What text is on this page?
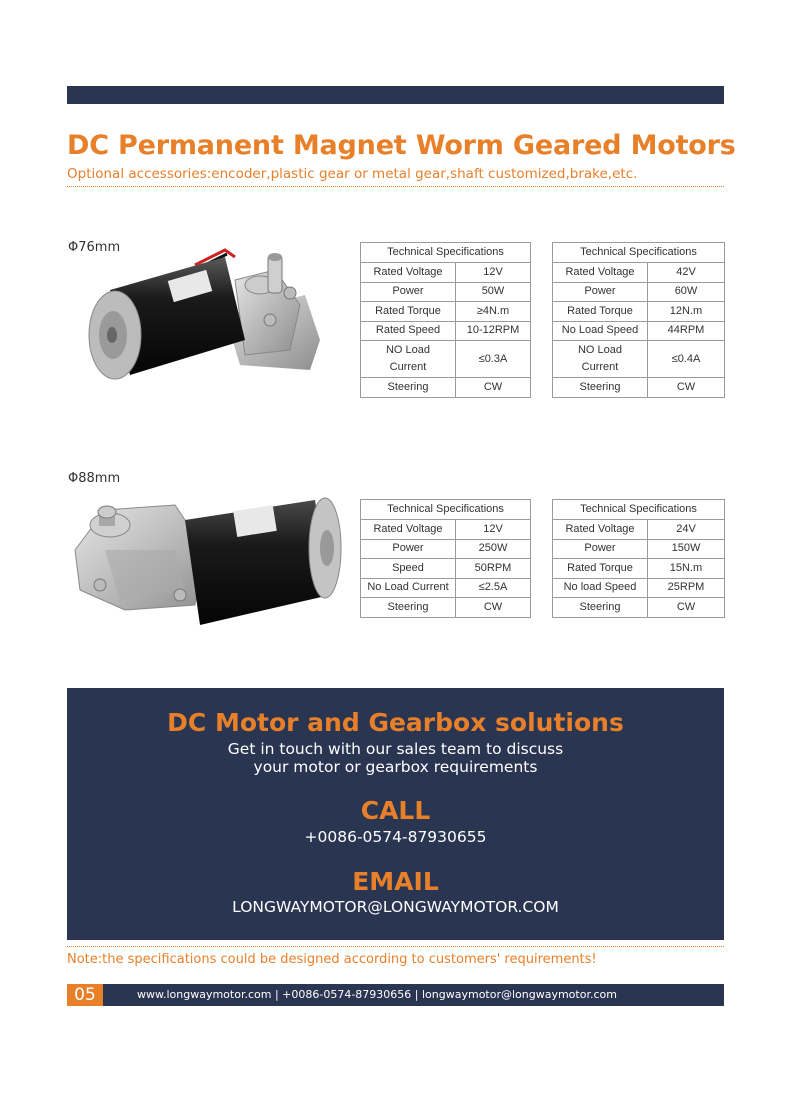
DC Permanent Magnet Worm Geared Motors
Optional accessories:encoder,plastic gear or metal gear,shaft customized,brake,etc.
Φ76mm	Technical Specifications	
Rated Voltage	12V
Power	50W
Rated Torque	≥4N.m
Rated Speed	10-12RPM
NO Load Current	≤0.3A
Steering	CW
Technical Specifications	
Rated Voltage	42V
Power	60W
Rated Torque	12N.m
No Load Speed	44RPM
NO Load Current	≤0.4A
Steering	CW
Φ88mm
Technical Specifications	
Rated Voltage	12V
Power	250W
Speed	50RPM
No Load Current	≤2.5A
Steering	CW
Technical Specifications	
Rated Voltage	24V
Power	150W
Rated Torque	15N.m
No load Speed	25RPM
Steering	CW
DC Motor and Gearbox solutions
Get in touch with our sales team to discuss
your motor or gearbox requirements
CALL
+0086-0574-87930655
EMAIL
LONGWAYMOTOR@LONGWAYMOTOR.COM
Note:the specifications could be designed according to customers' requirements!
05	www.longwaymotor.com | +0086-0574-87930656 | longwaymotor@longwaymotor.com
